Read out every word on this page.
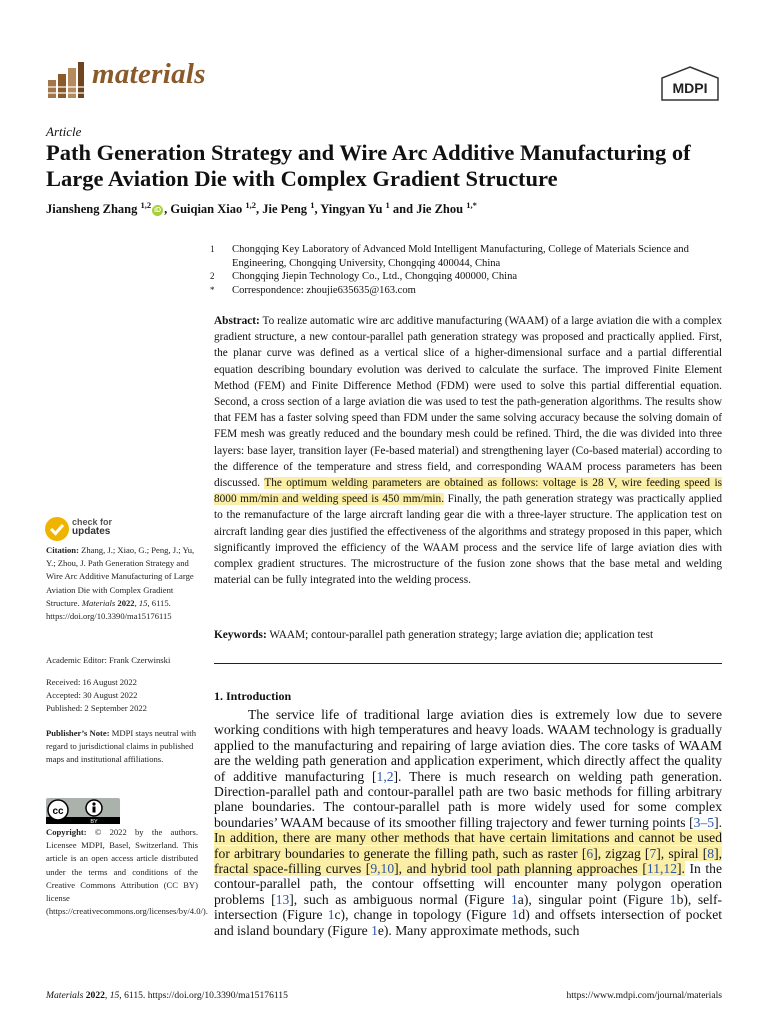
materials	MDPI
Article
Path Generation Strategy and Wire Arc Additive Manufacturing of Large Aviation Die with Complex Gradient Structure
Jiansheng Zhang $^{1,2}$iD , Guiqian Xiao $^{1,2}$, Jie Peng $^1$, Yingyan Yu $^1$ and Jie Zhou $^{1,*}$
1	Chongqing Key Laboratory of Advanced Mold Intelligent Manufacturing, College of Materials Science and Engineering, Chongqing University, Chongqing 400044, China
2	Chongqing Jiepin Technology Co., Ltd., Chongqing 400000, China
*	Correspondence: zhoujie635635@163.com
Abstract: To realize automatic wire arc additive manufacturing (WAAM) of a large aviation die with a complex gradient structure, a new contour-parallel path generation strategy was proposed and practically applied. First, the planar curve was defined as a vertical slice of a higher-dimensional surface and a partial differential equation describing boundary evolution was derived to calculate the surface. The improved Finite Element Method (FEM) and Finite Difference Method (FDM) were used to solve this partial differential equation. Second, a cross section of a large aviation die was used to test the path-generation algorithms. The results show that FEM has a faster solving speed than FDM under the same solving accuracy because the solving domain of FEM mesh was greatly reduced and the boundary mesh could be refined. Third, the die was divided into three layers: base layer, transition layer (Fe-based material) and strengthening layer (Co-based material) according to the difference of the temperature and stress field, and corresponding WAAM process parameters has been discussed. The optimum welding parameters are obtained as follows: voltage is 28 V, wire feeding speed is 8000 mm/min and welding speed is 450 mm/min. Finally, the path generation strategy was practically applied to the remanufacture of the large aircraft landing gear die with a three-layer structure. The application test on aircraft landing gear dies justified the effectiveness of the algorithms and strategy proposed in this paper, which significantly improved the efficiency of the WAAM process and the service life of large aviation dies with complex gradient structures. The microstructure of the fusion zone shows that the base metal and welding material can be fully integrated into the welding process.
Keywords: WAAM; contour-parallel path generation strategy; large aviation die; application test
1. Introduction
   The service life of traditional large aviation dies is extremely low due to severe working conditions with high temperatures and heavy loads. WAAM technology is gradually applied to the manufacturing and repairing of large aviation dies. The core tasks of WAAM are the welding path generation and application experiment, which directly affect the quality of additive manufacturing [1,2]. There is much research on welding path generation. Direction-parallel path and contour-parallel path are two basic methods for filling arbitrary plane boundaries. The contour-parallel path is more widely used for some complex boundaries’ WAAM because of its smoother filling trajectory and fewer turning points [3–5]. In addition, there are many other methods that have certain limitations and cannot be used for arbitrary boundaries to generate the filling path, such as raster [6], zigzag [7], spiral [8], fractal space-filling curves [9,10], and hybrid tool path planning approaches [11,12]. In the contour-parallel path, the contour offsetting will encounter many polygon operation problems [13], such as ambiguous normal (Figure 1a), singular point (Figure 1b), self-intersection (Figure 1c), change in topology (Figure 1d) and offsets intersection of pocket and island boundary (Figure 1e). Many approximate methods, such
check for
updates
Citation: Zhang, J.; Xiao, G.; Peng, J.; Yu, Y.; Zhou, J. Path Generation Strategy and Wire Arc Additive Manufacturing of Large Aviation Die with Complex Gradient Structure. Materials 2022, 15, 6115. https://doi.org/10.3390/ma15176115
Academic Editor: Frank Czerwinski
Received: 16 August 2022
Accepted: 30 August 2022
Published: 2 September 2022
Publisher’s Note: MDPI stays neutral with regard to jurisdictional claims in published maps and institutional affiliations.
cc
BY
Copyright: © 2022 by the authors. Licensee MDPI, Basel, Switzerland. This article is an open access article distributed under the terms and conditions of the Creative Commons Attribution (CC BY) license (https://creativecommons.org/licenses/by/4.0/).
Materials 2022, 15, 6115. https://doi.org/10.3390/ma15176115	https://www.mdpi.com/journal/materials
